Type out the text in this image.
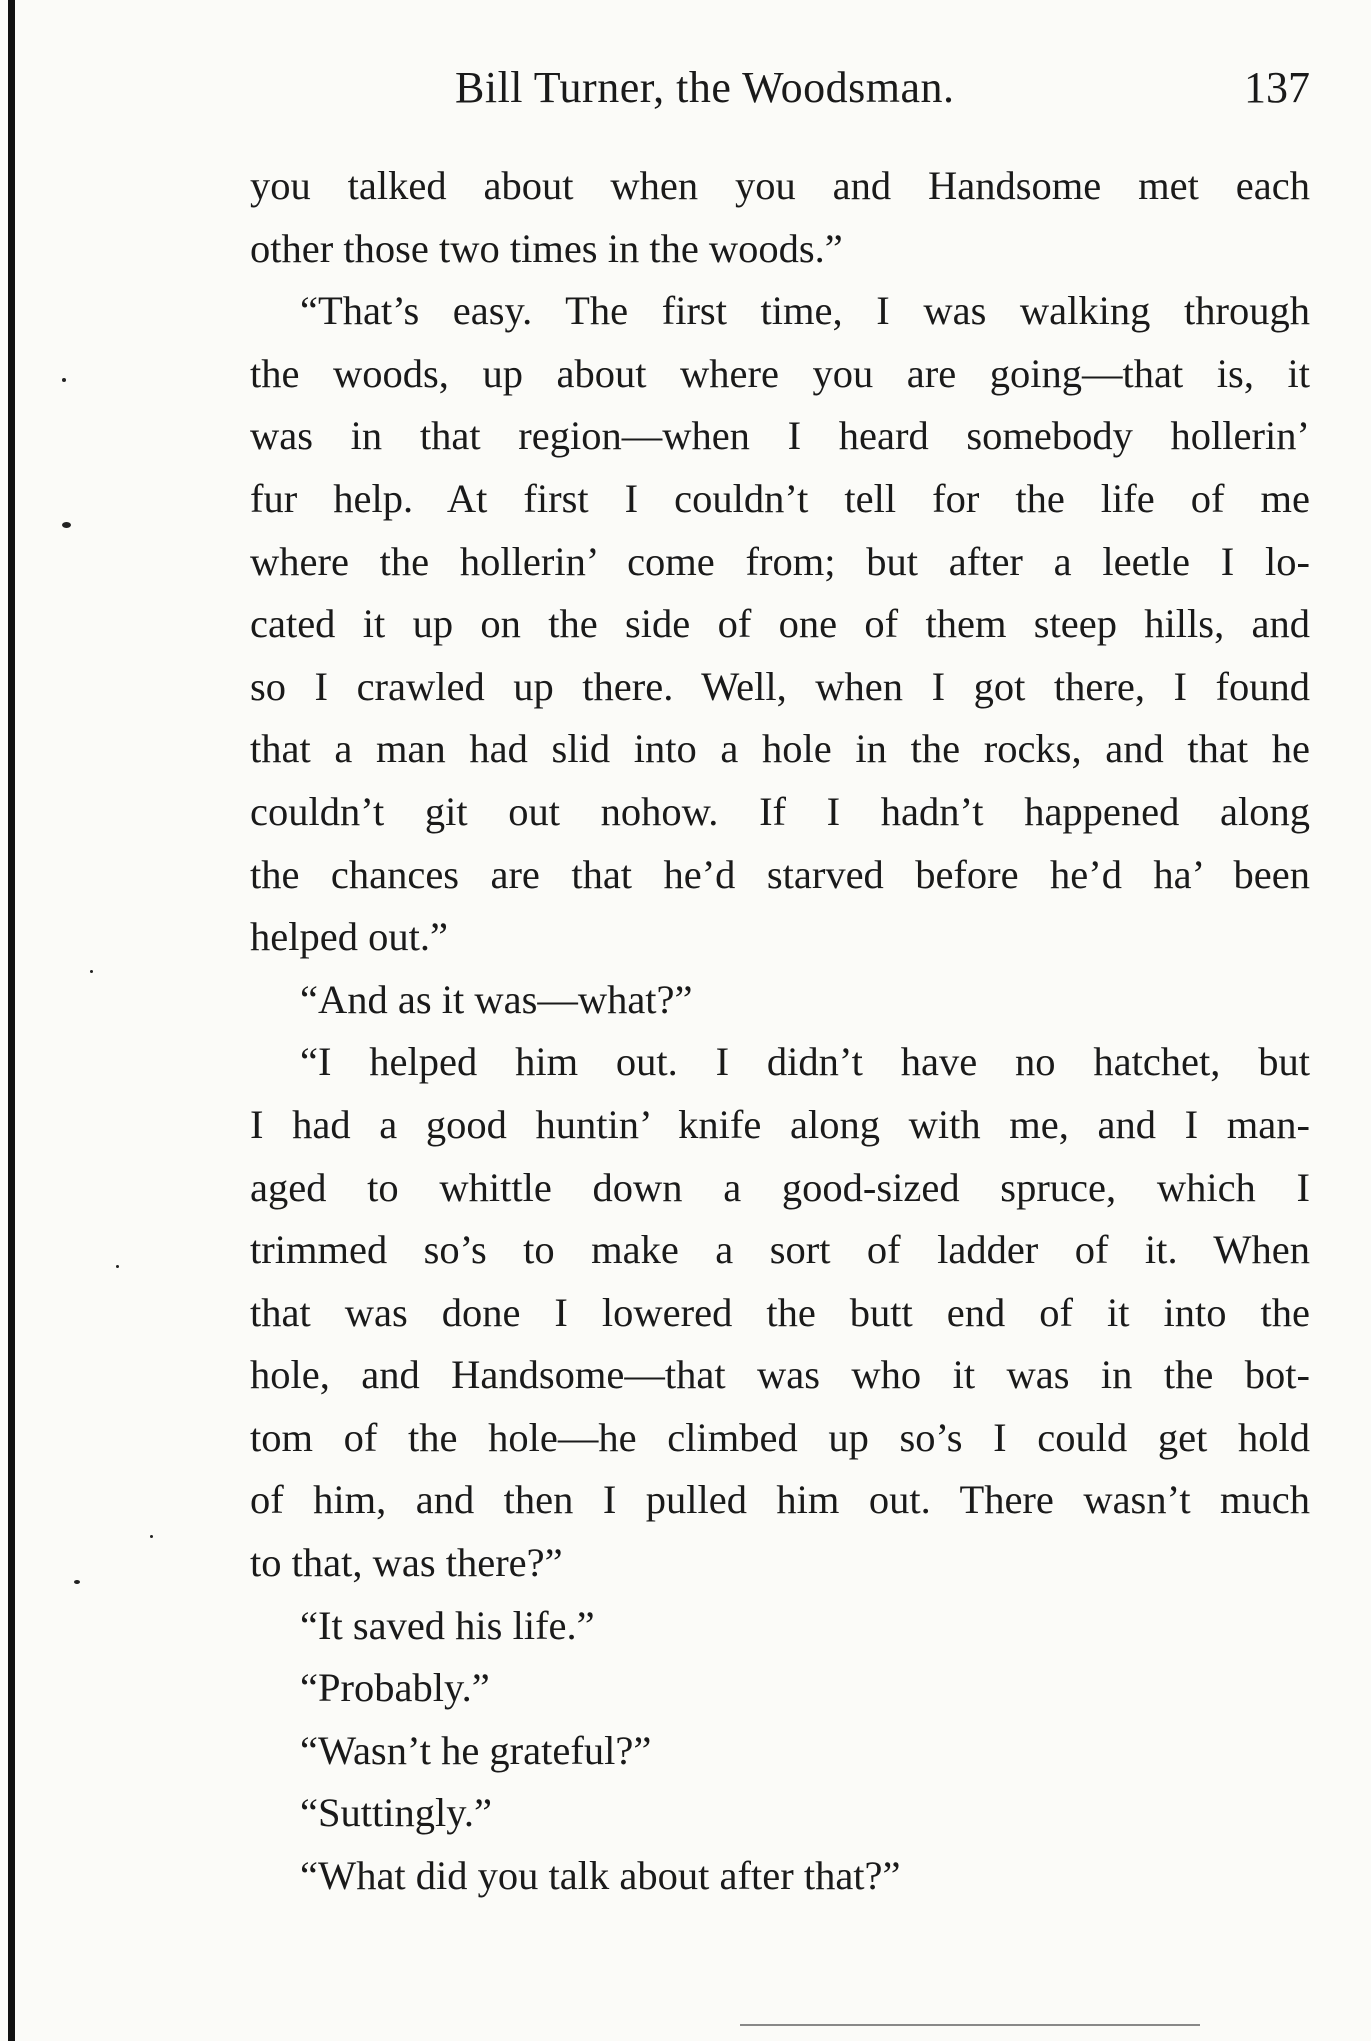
Bill Turner, the Woodsman.	137
you talked about when you and Handsome met each
other those two times in the woods.”
“That’s easy. The first time, I was walking through
the woods, up about where you are going—that is, it
was in that region—when I heard somebody hollerin’
fur help. At first I couldn’t tell for the life of me
where the hollerin’ come from; but after a leetle I lo-
cated it up on the side of one of them steep hills, and
so I crawled up there. Well, when I got there, I found
that a man had slid into a hole in the rocks, and that he
couldn’t git out nohow. If I hadn’t happened along
the chances are that he’d starved before he’d ha’ been
helped out.”
“And as it was—what?”
“I helped him out. I didn’t have no hatchet, but
I had a good huntin’ knife along with me, and I man-
aged to whittle down a good-sized spruce, which I
trimmed so’s to make a sort of ladder of it. When
that was done I lowered the butt end of it into the
hole, and Handsome—that was who it was in the bot-
tom of the hole—he climbed up so’s I could get hold
of him, and then I pulled him out. There wasn’t much
to that, was there?”
“It saved his life.”
“Probably.”
“Wasn’t he grateful?”
“Suttingly.”
“What did you talk about after that?”
